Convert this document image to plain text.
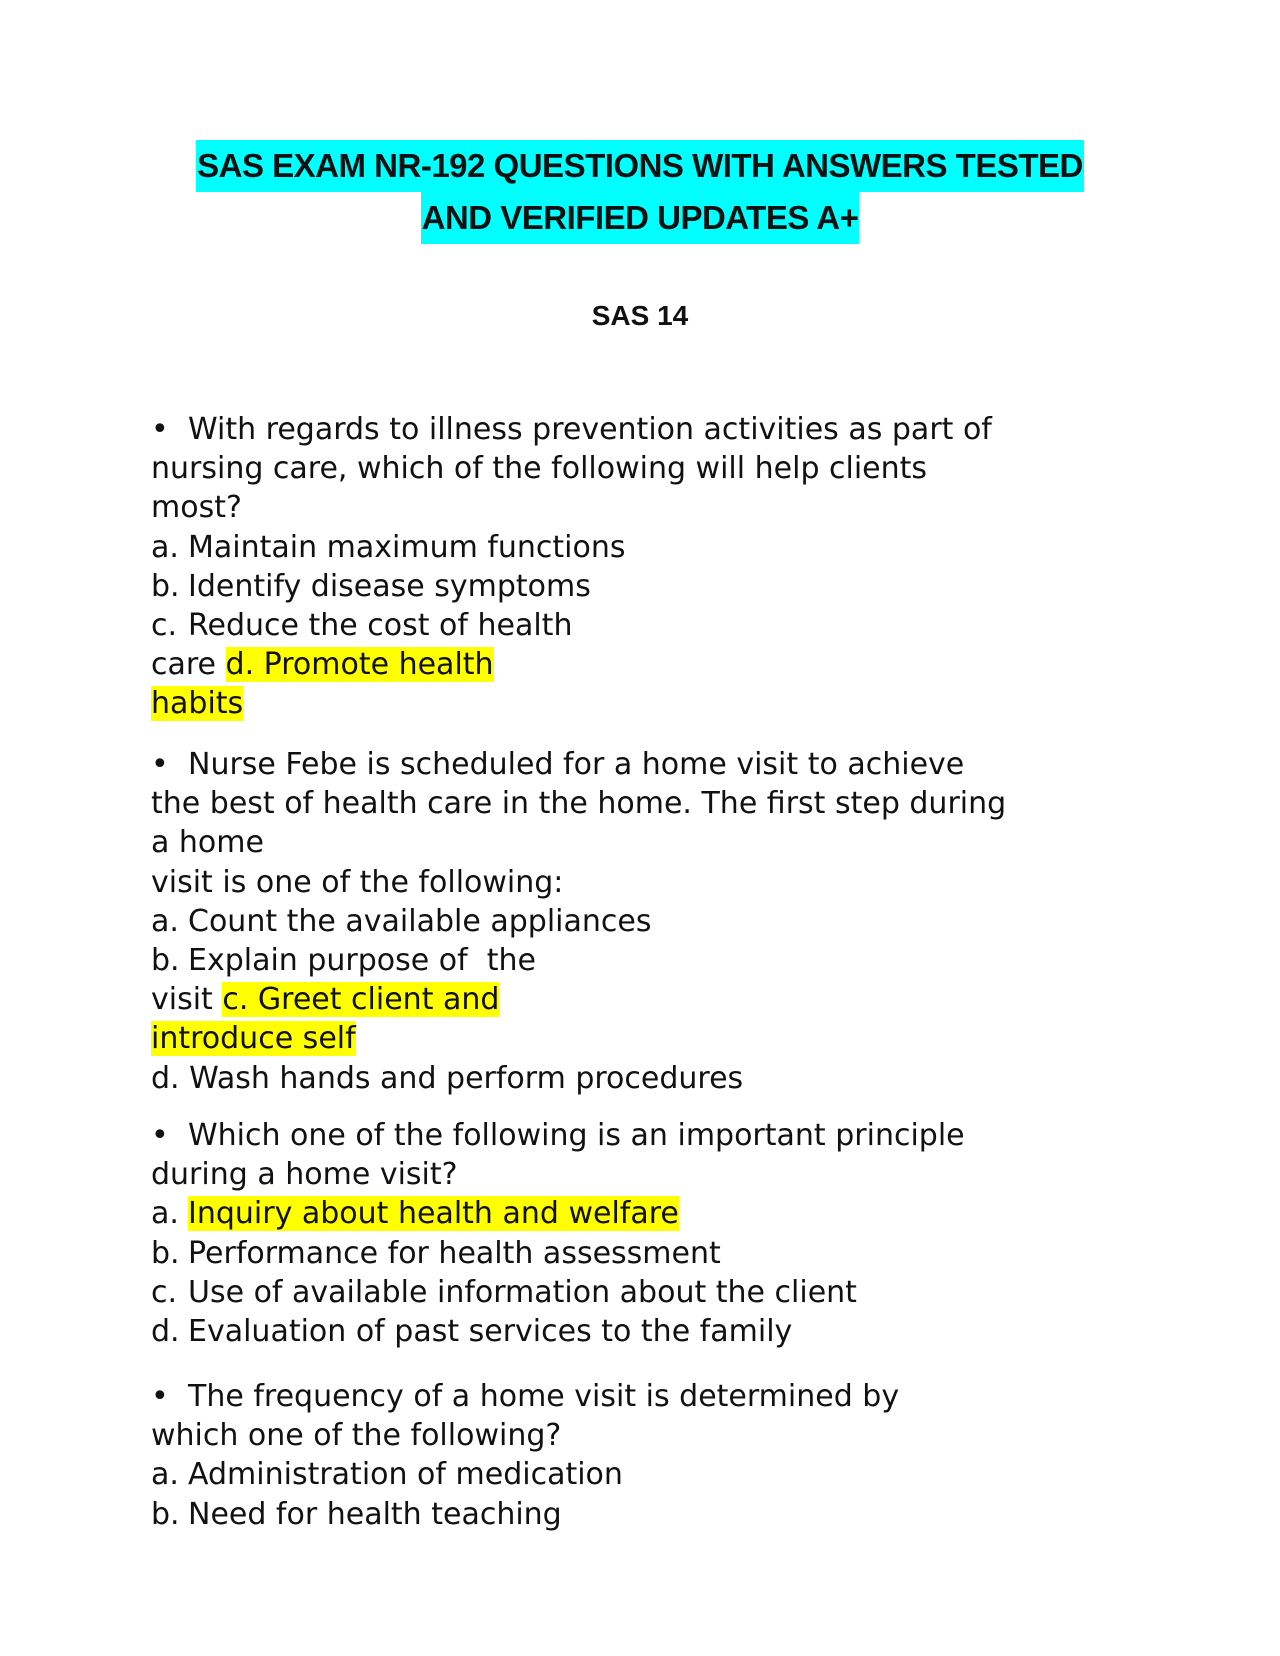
SAS EXAM NR-192 QUESTIONS WITH ANSWERS TESTED
AND VERIFIED UPDATES A+
SAS 14
•With regards to illness prevention activities as part of
nursing care, which of the following will help clients
most?
a. Maintain maximum functions
b. Identify disease symptoms
c. Reduce the cost of health
care d. Promote health
habits
•Nurse Febe is scheduled for a home visit to achieve
the best of health care in the home. The first step during
a home
visit is one of the following:
a. Count the available appliances
b. Explain purpose of  the
visit c. Greet client and
introduce self
d. Wash hands and perform procedures
•Which one of the following is an important principle
during a home visit?
a. Inquiry about health and welfare
b. Performance for health assessment
c. Use of available information about the client
d. Evaluation of past services to the family
•The frequency of a home visit is determined by
which one of the following?
a. Administration of medication
b. Need for health teaching
